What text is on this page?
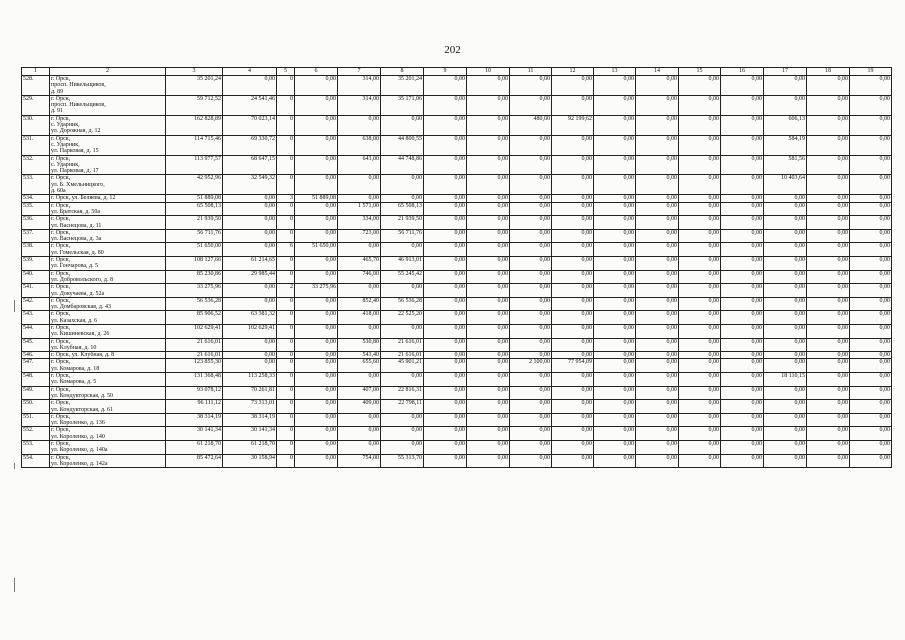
202
1	2	3	4	5	6	7	8	9	10	11	12	13	14	15	16	17	18	19
528.	г. Орск,
просп. Никельщиков,
д. 89	35 201,24	0,00	0	0,00	314,00	35 201,24	0,00	0,00	0,00	0,00	0,00	0,00	0,00	0,00	0,00	0,00	0,00
529.	г. Орск,
просп. Никельщиков,
д. 91	59 712,52	24 541,46	0	0,00	314,00	35 171,06	0,00	0,00	0,00	0,00	0,00	0,00	0,00	0,00	0,00	0,00	0,00
530.	г. Орск,
с. Ударник,
ул. Дорожная, д. 12	162 828,89	70 023,14	0	0,00	0,00	0,00	0,00	0,00	480,00	92 199,62	0,00	0,00	0,00	0,00	606,13	0,00	0,00
531.	г. Орск,
с. Ударник,
ул. Парковая, д. 15	114 715,46	69 330,72	0	0,00	638,00	44 800,55	0,00	0,00	0,00	0,00	0,00	0,00	0,00	0,00	584,19	0,00	0,00
532.	г. Орск,
с. Ударник,
ул. Парковая, д. 17	113 977,57	68 647,15	0	0,00	643,00	44 748,86	0,00	0,00	0,00	0,00	0,00	0,00	0,00	0,00	581,56	0,00	0,00
533.	г. Орск,
ул. Б. Хмельницкого,
д. 60а	42 952,96	32 549,32	0	0,00	0,00	0,00	0,00	0,00	0,00	0,00	0,00	0,00	0,00	0,00	10 403,64	0,00	0,00
534.	г. Орск, ул. Беляева, д. 12	51 889,08	0,00	3	51 889,08	0,00	0,00	0,00	0,00	0,00	0,00	0,00	0,00	0,00	0,00	0,00	0,00	0,00
535.	г. Орск,
ул. Братская, д. 50а	65 508,13	0,00	0	0,00	1 571,00	65 508,13	0,00	0,00	0,00	0,00	0,00	0,00	0,00	0,00	0,00	0,00	0,00
536.	г. Орск,
ул. Васнецова, д. 11	21 939,50	0,00	0	0,00	334,00	21 939,50	0,00	0,00	0,00	0,00	0,00	0,00	0,00	0,00	0,00	0,00	0,00
537.	г. Орск,
ул. Васнецова, д. 3а	56 711,76	0,00	0	0,00	723,00	56 711,76	0,00	0,00	0,00	0,00	0,00	0,00	0,00	0,00	0,00	0,00	0,00
538.	г. Орск,
ул. Гомельская, д. 80	51 650,00	0,00	6	51 650,00	0,00	0,00	0,00	0,00	0,00	0,00	0,00	0,00	0,00	0,00	0,00	0,00	0,00
539.	г. Орск,
ул. Гончарова, д. 5	108 127,66	61 214,65	0	0,00	465,70	46 913,01	0,00	0,00	0,00	0,00	0,00	0,00	0,00	0,00	0,00	0,00	0,00
540.	г. Орск,
ул. Добровольского, д. 8	85 230,86	29 985,44	0	0,00	746,00	55 245,42	0,00	0,00	0,00	0,00	0,00	0,00	0,00	0,00	0,00	0,00	0,00
541.	г. Орск,
ул. Докучаева, д. 52а	33 275,96	0,00	2	33 275,96	0,00	0,00	0,00	0,00	0,00	0,00	0,00	0,00	0,00	0,00	0,00	0,00	0,00
542.	г. Орск,
ул. Домбаровская, д. 43	56 536,28	0,00	0	0,00	852,40	56 536,28	0,00	0,00	0,00	0,00	0,00	0,00	0,00	0,00	0,00	0,00	0,00
543.	г. Орск,
ул. Казахская, д. 6	85 906,52	63 381,32	0	0,00	418,00	22 525,20	0,00	0,00	0,00	0,00	0,00	0,00	0,00	0,00	0,00	0,00	0,00
544.	г. Орск,
ул. Кишиневская, д. 26	102 629,41	102 629,41	0	0,00	0,00	0,00	0,00	0,00	0,00	0,00	0,00	0,00	0,00	0,00	0,00	0,00	0,00
545.	г. Орск,
ул. Клубная, д. 10	21 616,01	0,00	0	0,00	530,80	21 616,01	0,00	0,00	0,00	0,00	0,00	0,00	0,00	0,00	0,00	0,00	0,00
546.	г. Орск, ул. Клубная, д. 8	21 616,01	0,00	0	0,00	543,40	21 616,01	0,00	0,00	0,00	0,00	0,00	0,00	0,00	0,00	0,00	0,00	0,00
547.	г. Орск,
ул. Комарова, д. 18	123 855,30	0,00	0	0,00	655,60	45 901,21	0,00	0,00	2 100,00	77 954,09	0,00	0,00	0,00	0,00	0,00	0,00	0,00
548.	г. Орск,
ул. Комарова, д. 5	131 368,48	113 258,33	0	0,00	0,00	0,00	0,00	0,00	0,00	0,00	0,00	0,00	0,00	0,00	18 110,15	0,00	0,00
549.	г. Орск,
ул. Кондукторская, д. 50	93 078,12	70 261,81	0	0,00	407,00	22 816,31	0,00	0,00	0,00	0,00	0,00	0,00	0,00	0,00	0,00	0,00	0,00
550.	г. Орск,
ул. Кондукторская, д. 61	96 111,12	73 313,01	0	0,00	409,00	22 798,11	0,00	0,00	0,00	0,00	0,00	0,00	0,00	0,00	0,00	0,00	0,00
551.	г. Орск,
ул. Короленко, д. 136	38 314,19	38 314,19	0	0,00	0,00	0,00	0,00	0,00	0,00	0,00	0,00	0,00	0,00	0,00	0,00	0,00	0,00
552.	г. Орск,
ул. Короленко, д. 140	30 141,34	30 141,34	0	0,00	0,00	0,00	0,00	0,00	0,00	0,00	0,00	0,00	0,00	0,00	0,00	0,00	0,00
553.	г. Орск,
ул. Короленко, д. 140а	61 218,70	61 218,70	0	0,00	0,00	0,00	0,00	0,00	0,00	0,00	0,00	0,00	0,00	0,00	0,00	0,00	0,00
554.	г. Орск,
ул. Короленко, д. 142а	85 472,64	30 158,94	0	0,00	754,00	55 313,70	0,00	0,00	0,00	0,00	0,00	0,00	0,00	0,00	0,00	0,00	0,00
